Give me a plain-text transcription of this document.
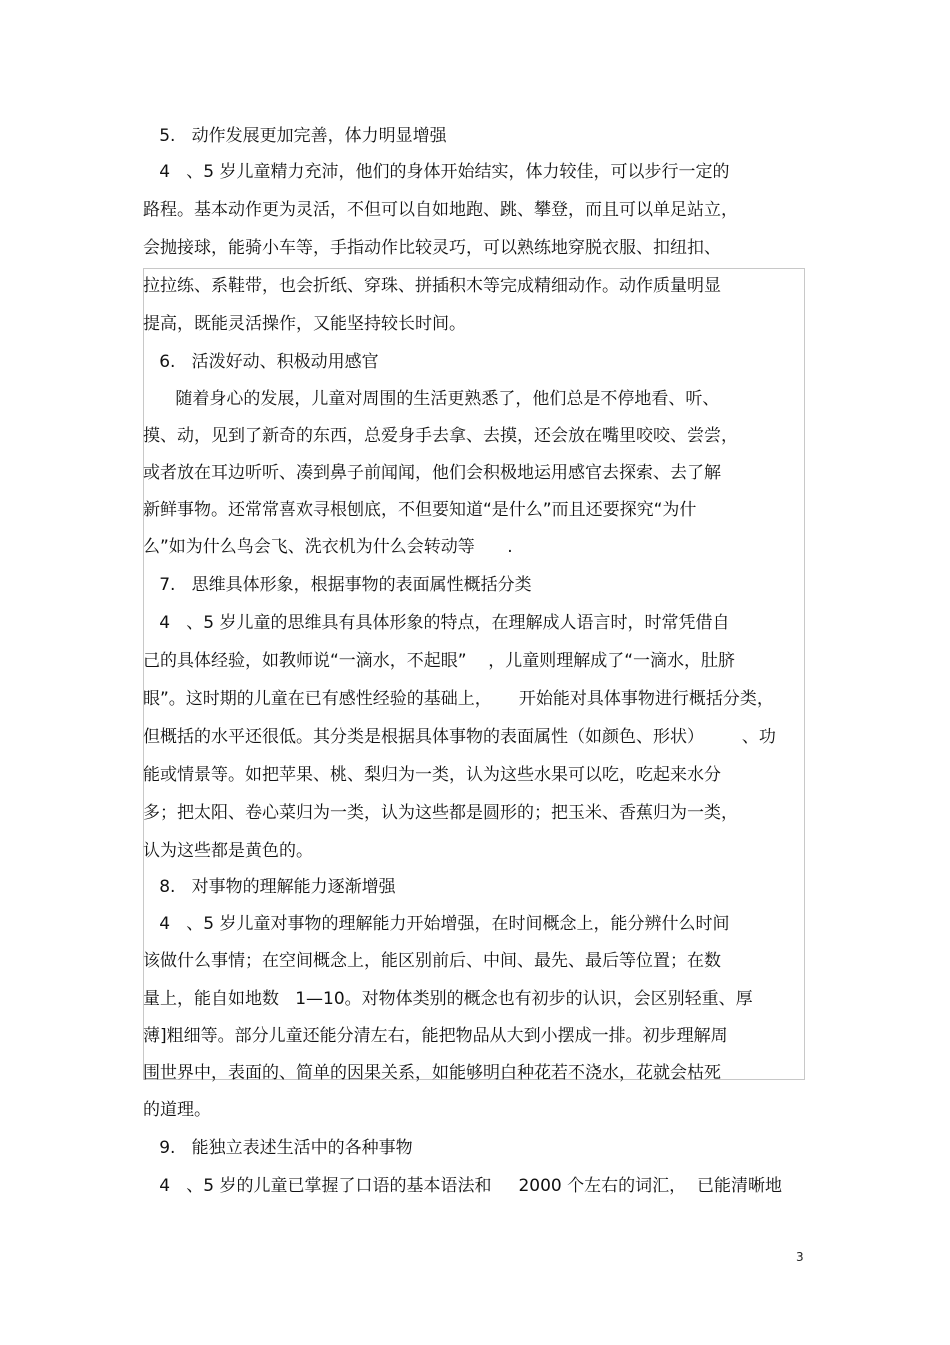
5.   动作发展更加完善，体力明显增强
4   、5 岁儿童精力充沛，他们的身体开始结实，体力较佳，可以步行一定的
路程。基本动作更为灵活，不但可以自如地跑、跳、攀登，而且可以单足站立，
会抛接球，能骑小车等，手指动作比较灵巧，可以熟练地穿脱衣服、扣纽扣、
拉拉练、系鞋带，也会折纸、穿珠、拼插积木等完成精细动作。动作质量明显
提高，既能灵活操作，又能坚持较长时间。
6.   活泼好动、积极动用感官
随着身心的发展，儿童对周围的生活更熟悉了，他们总是不停地看、听、
摸、动，见到了新奇的东西，总爱身手去拿、去摸，还会放在嘴里咬咬、尝尝，
或者放在耳边听听、凑到鼻子前闻闻，他们会积极地运用感官去探索、去了解
新鲜事物。还常常喜欢寻根刨底，不但要知道“是什么”而且还要探究“为什
么”如为什么鸟会飞、洗衣机为什么会转动等      .
7.   思维具体形象，根据事物的表面属性概括分类
4   、5 岁儿童的思维具有具体形象的特点，在理解成人语言时，时常凭借自
己的具体经验，如教师说“一滴水，不起眼”    ，儿童则理解成了“一滴水，肚脐
眼”。这时期的儿童在已有感性经验的基础上，     开始能对具体事物进行概括分类，
但概括的水平还很低。其分类是根据具体事物的表面属性（如颜色、形状）       、功
能或情景等。如把苹果、桃、梨归为一类，认为这些水果可以吃，吃起来水分
多；把太阳、卷心菜归为一类，认为这些都是圆形的；把玉米、香蕉归为一类，
认为这些都是黄色的。
8.   对事物的理解能力逐渐增强
4   、5 岁儿童对事物的理解能力开始增强，在时间概念上，能分辨什么时间
该做什么事情；在空间概念上，能区别前后、中间、最先、最后等位置；在数
量上，能自如地数   1—10。对物体类别的概念也有初步的认识，会区别轻重、厚
薄]粗细等。部分儿童还能分清左右，能把物品从大到小摆成一排。初步理解周
围世界中，表面的、简单的因果关系，如能够明白种花若不浇水，花就会枯死
的道理。
9.   能独立表述生活中的各种事物
4   、5 岁的儿童已掌握了口语的基本语法和     2000 个左右的词汇，  已能清晰地
3
